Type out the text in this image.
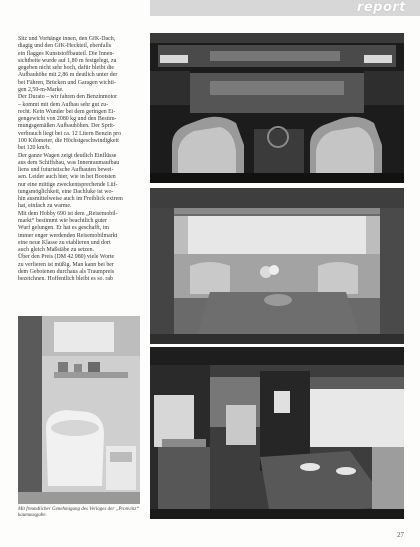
report

Sitz und Vorhänge innen, den GfK-Dach,

diagig und den GfK-Heckteil, ebenfalls

ein flagges Kunststoffbauteil. Die Innen-

sichtbeite wurde auf 1,80 m festgelegt, zu

gegeben nicht sehr hoch, dafür bleibt die

Aufbauhöhe mit 2,86 m deutlich unter der

bei Fähren, Brücken und Garagen wichti-

gen 2,50-m-Marke.

Der Durato – wir fahren den Benzinmotor

– kommt mit dem Aufbau sehr gut zu-

recht. Kein Wunder bei dem geringen Ei-

gengewicht von 2080 kg und den Bestim-

mungsgemäßen Aufbauhöhen. Der Sprit-

verbrauch liegt bei ca. 12 Litern Benzin pro

100 Kilometer, die Höchstgeschwindigkeit

bei 120 km/h.

Der ganze Wagen zeigt deutlich Einflüsse

aus dem Schiffsbau, was Innenraumaufbau

liens und futuristische Aufbauten bewei-

sen. Leider auch hier, wie in bei Bootsten

nur eine mittige zweckentsprechende Lüf-

tungsmöglichkeit, eine Dachluke ist wo-

hin ausmittelweise auch im Freiblick extrem

hat, einfach zu warme.

Mit dem Hobby 690 ist dem „Reisemobil-

markt“ bestimmt wie beachtlich guter

Wurf gelungen. Er hat es geschafft, im

immer enger werdenden Reisemobilmarkt

eine neue Klasse zu etablieren und dort

auch gleich Maßstäbe zu setzen.

Über den Preis (DM 42 980) viele Worte

zu verlieren ist müßig. Man kann bei ber

dem Gebotenen durchaus als Traumpreis

bezeichnen. Hoffentlich bleibt es so. rab

Mit freundlicher Genehmigung des Verlages der „Pronvinz“ kaumausgabe.
27
